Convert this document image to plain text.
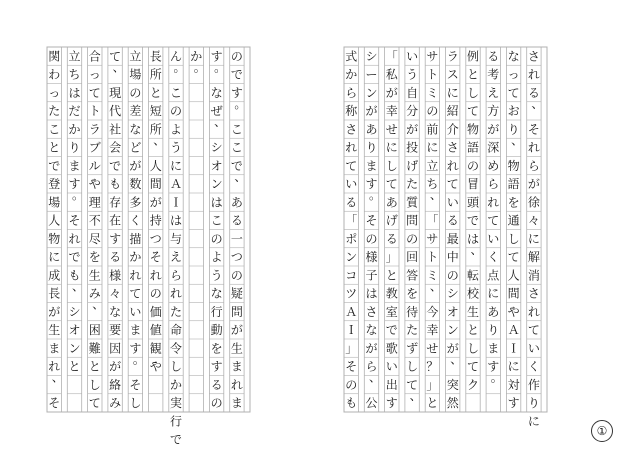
される、それらが徐々に解消されていく作りに
なっており、物語を通して人間やＡＩに対す
る考え方が深められていく点にあります。
例として物語の冒頭では、転校生としてク
ラスに紹介されている最中のシオンが、突然
サトミの前に立ち、「サトミ、今幸せ？」と
いう自分が投げた質問の回答を待たずして、
「私が幸せにしてあげる」と教室で歌い出す
シーンがあります。その様子はさながら、公
式から称されている「ポンコツＡＩ」そのも
のです。ここで、ある一つの疑問が生まれま
す。なぜ、シオンはこのような行動をするの
か。
ん。このようにＡＩは与えられた命令しか実行で
長所と短所、人間が持つそれの価値観や
立場の差などが数多く描かれています。そし
て、現代社会でも存在する様々な要因が絡み
合ってトラブルや理不尽を生み、困難として
立ちはだかります。それでも、シオンと
関わったことで登場人物に成長が生まれ、そ
①
